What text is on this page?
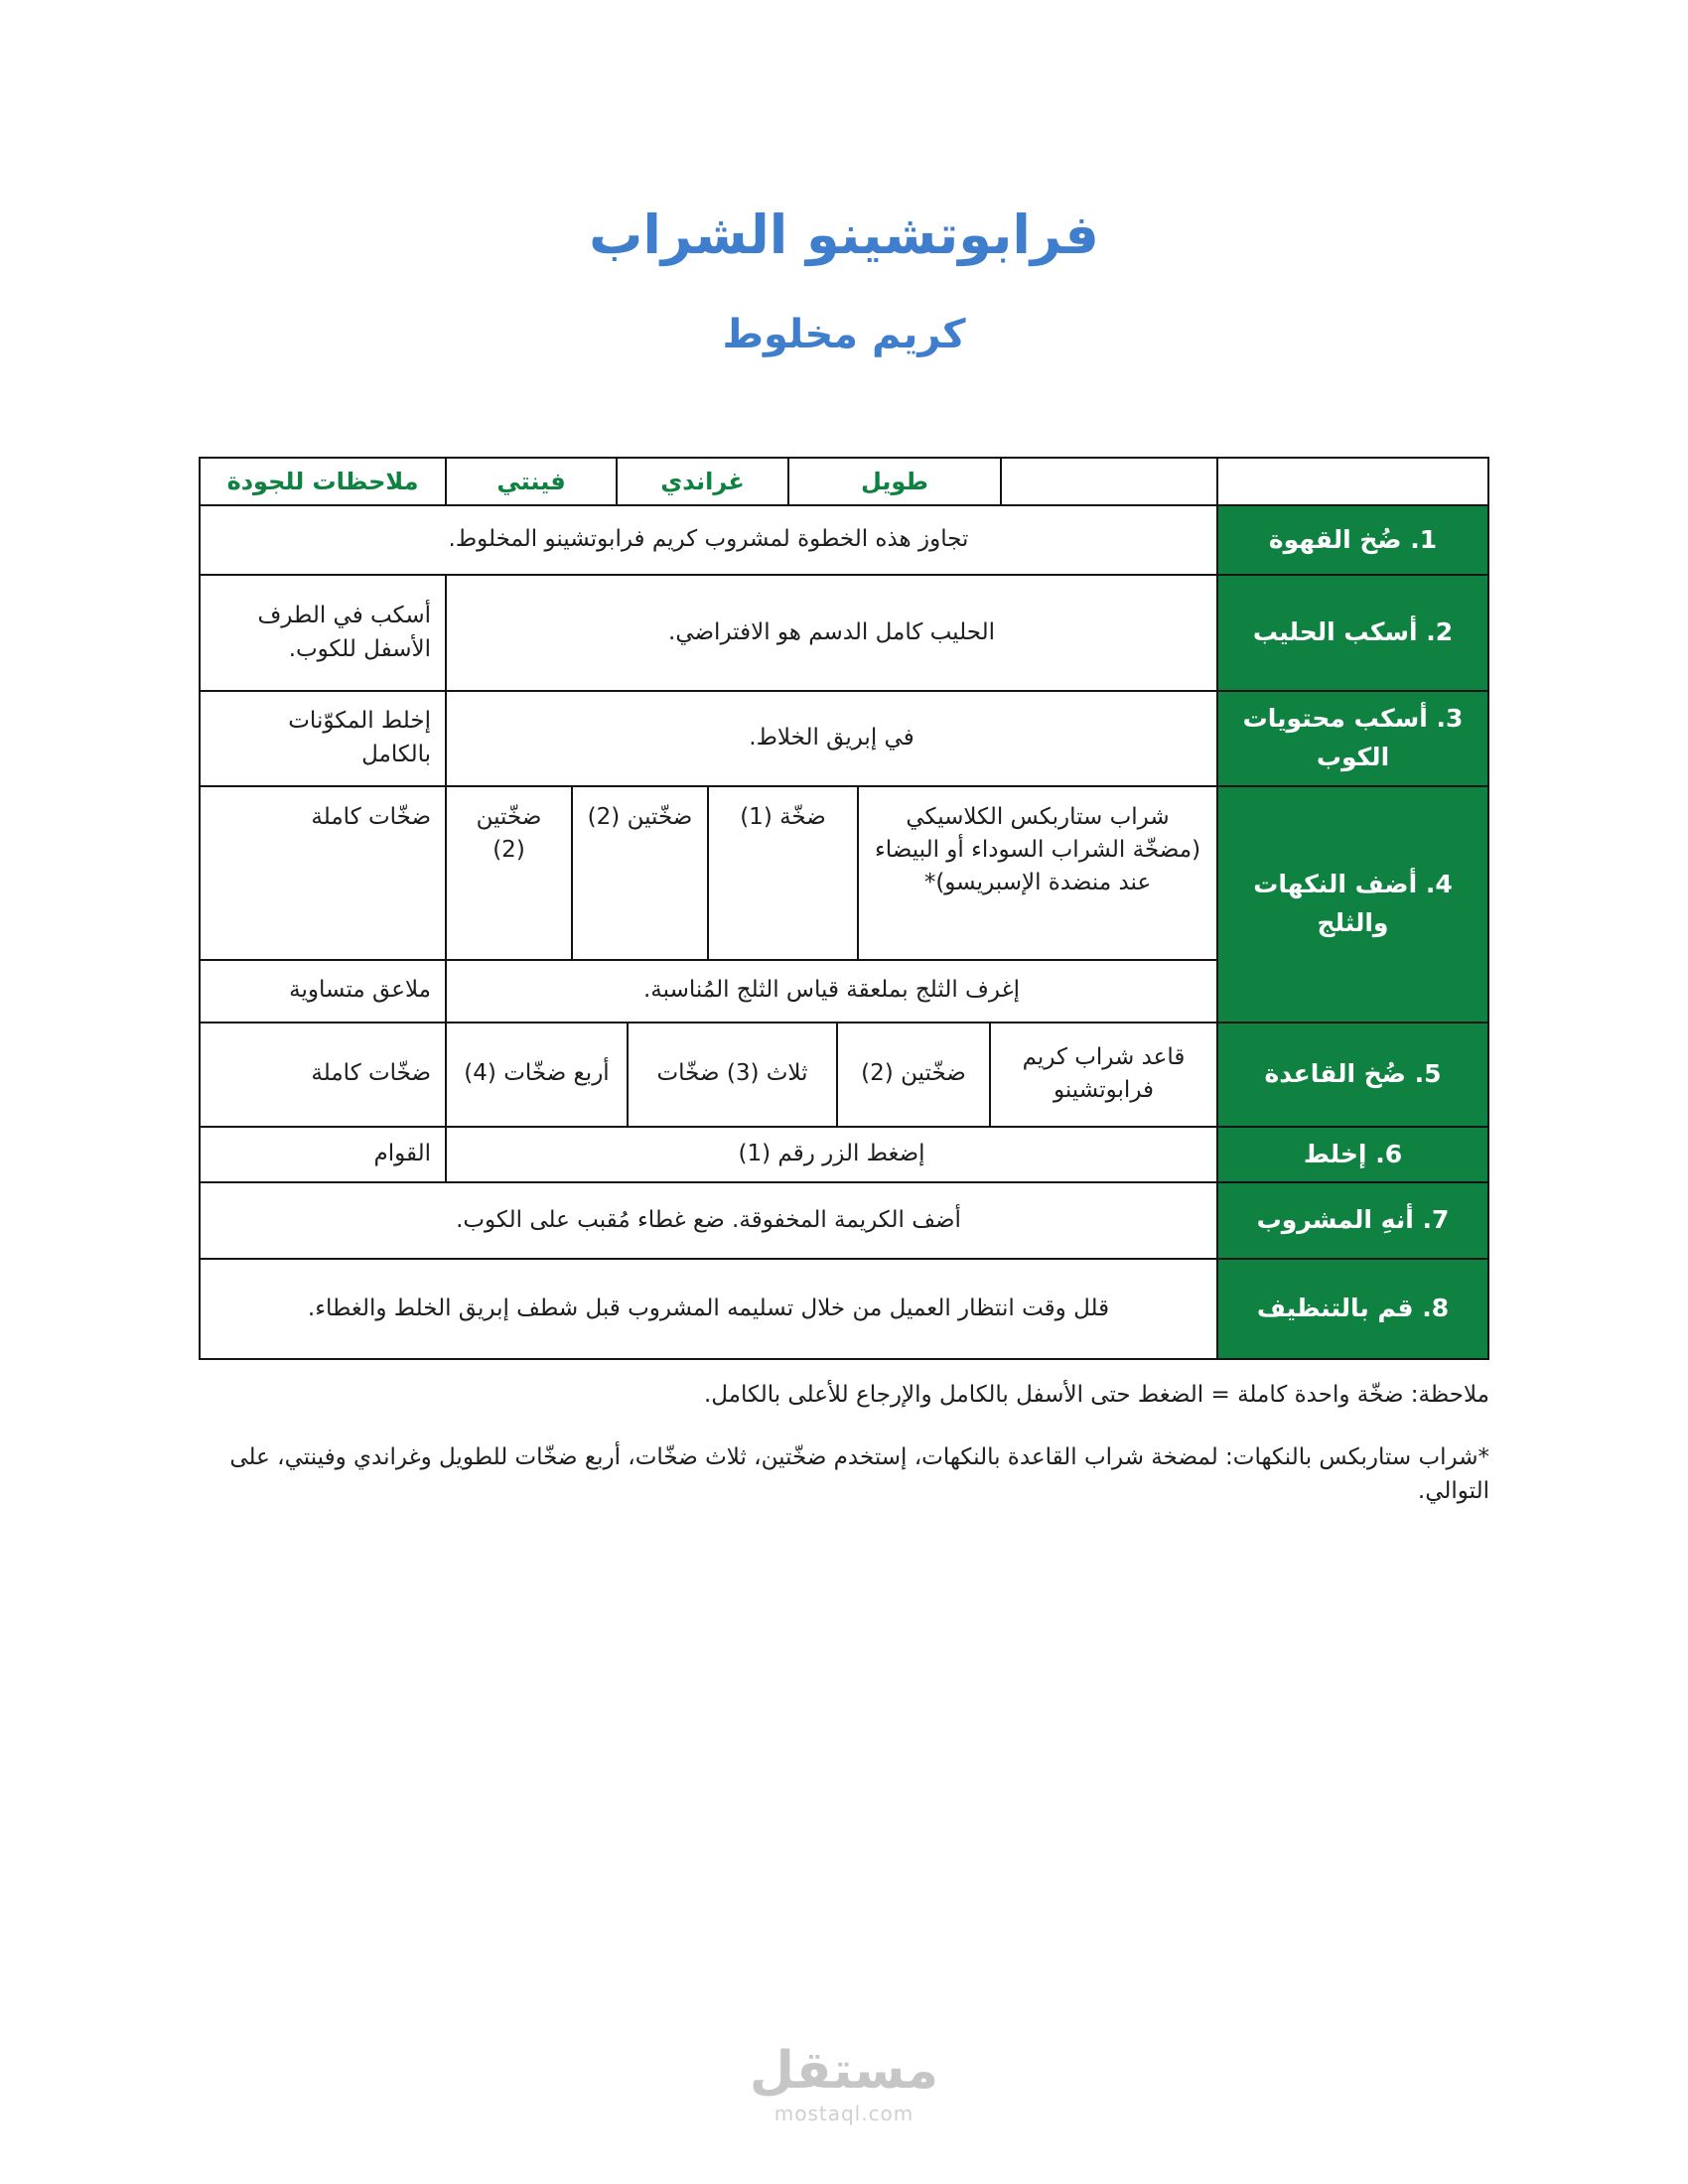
فرابوتشينو الشراب
كريم مخلوط
طويل
غراندي
فينتي
ملاحظات للجودة
1. ضُخ القهوة
تجاوز هذه الخطوة لمشروب كريم فرابوتشينو المخلوط.
2. أسكب الحليب
الحليب كامل الدسم هو الافتراضي.
أسكب في الطرف الأسفل للكوب.
3. أسكب محتويات الكوب
في إبريق الخلاط.
إخلط المكوّنات بالكامل
4. أضف النكهات والثلج
شراب ستاربكس الكلاسيكي (مضخّة الشراب السوداء أو البيضاء عند منضدة الإسبريسو)*
ضخّة (1)
ضخّتين (2)
ضخّتين (2)
ضخّات كاملة
إغرف الثلج بملعقة قياس الثلج المُناسبة.
ملاعق متساوية
5. ضُخ القاعدة
قاعد شراب كريم فرابوتشينو
ضخّتين (2)
ثلاث (3) ضخّات
أربع ضخّات (4)
ضخّات كاملة
6. إخلط
إضغط الزر رقم (1)
القوام
7. أنهِ المشروب
أضف الكريمة المخفوقة. ضع غطاء مُقبب على الكوب.
8. قم بالتنظيف
قلل وقت انتظار العميل من خلال تسليمه المشروب قبل شطف إبريق الخلط والغطاء.
ملاحظة: ضخّة واحدة كاملة = الضغط حتى الأسفل بالكامل والإرجاع للأعلى بالكامل.
*شراب ستاربكس بالنكهات: لمضخة شراب القاعدة بالنكهات، إستخدم ضخّتين، ثلاث ضخّات، أربع ضخّات للطويل وغراندي وفينتي، على التوالي.
مستقل
mostaql.com
